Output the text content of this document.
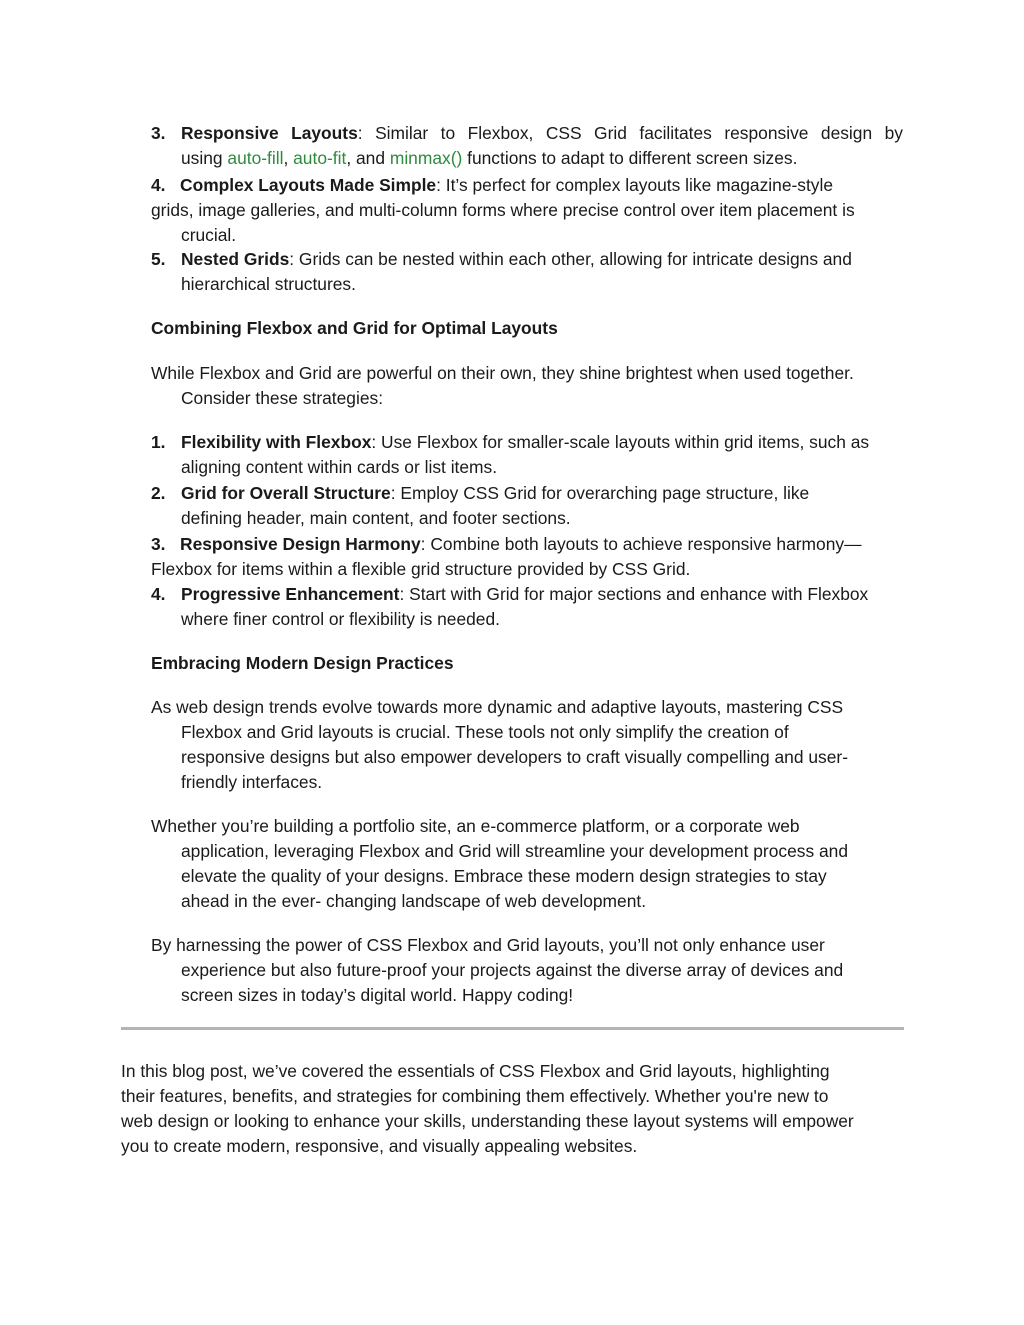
3. Responsive Layouts: Similar to Flexbox, CSS Grid facilitates responsive design by
using auto-fill, auto-fit, and minmax() functions to adapt to different screen sizes.
4. Complex Layouts Made Simple: It’s perfect for complex layouts like magazine-style
grids, image galleries, and multi-column forms where precise control over item placement is
crucial.
5. Nested Grids: Grids can be nested within each other, allowing for intricate designs and
hierarchical structures.
Combining Flexbox and Grid for Optimal Layouts
While Flexbox and Grid are powerful on their own, they shine brightest when used together.
Consider these strategies:
1. Flexibility with Flexbox: Use Flexbox for smaller-scale layouts within grid items, such as
aligning content within cards or list items.
2. Grid for Overall Structure: Employ CSS Grid for overarching page structure, like
defining header, main content, and footer sections.
3. Responsive Design Harmony: Combine both layouts to achieve responsive harmony—
Flexbox for items within a flexible grid structure provided by CSS Grid.
4. Progressive Enhancement: Start with Grid for major sections and enhance with Flexbox
where finer control or flexibility is needed.
Embracing Modern Design Practices
As web design trends evolve towards more dynamic and adaptive layouts, mastering CSS
Flexbox and Grid layouts is crucial. These tools not only simplify the creation of
responsive designs but also empower developers to craft visually compelling and user-
friendly interfaces.
Whether you’re building a portfolio site, an e-commerce platform, or a corporate web
application, leveraging Flexbox and Grid will streamline your development process and
elevate the quality of your designs. Embrace these modern design strategies to stay
ahead in the ever- changing landscape of web development.
By harnessing the power of CSS Flexbox and Grid layouts, you’ll not only enhance user
experience but also future-proof your projects against the diverse array of devices and
screen sizes in today’s digital world. Happy coding!
In this blog post, we’ve covered the essentials of CSS Flexbox and Grid layouts, highlighting
their features, benefits, and strategies for combining them effectively. Whether you're new to
web design or looking to enhance your skills, understanding these layout systems will empower
you to create modern, responsive, and visually appealing websites.
